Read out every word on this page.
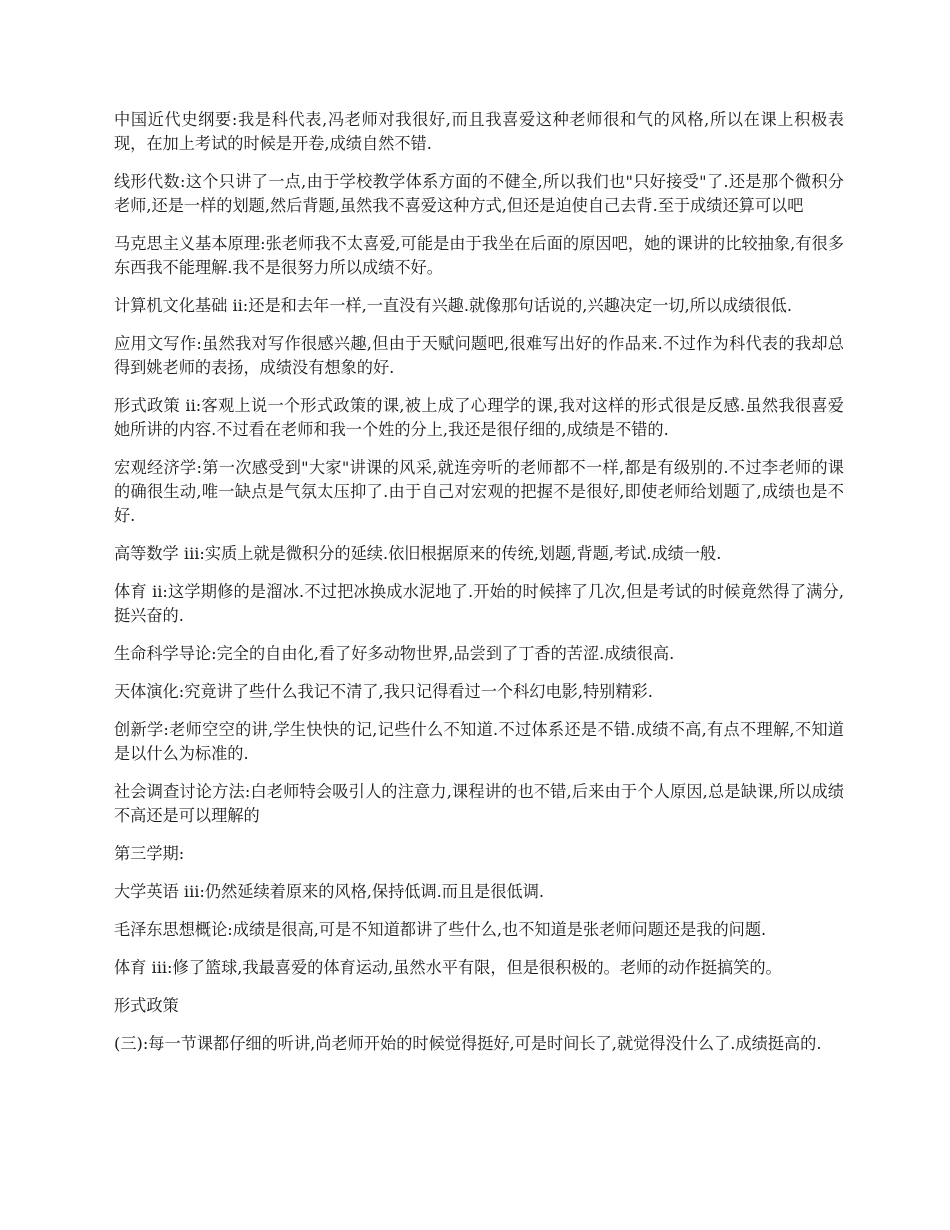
中国近代史纲要:我是科代表,冯老师对我很好,而且我喜爱这种老师很和气的风格,所以在课上积极表现，在加上考试的时候是开卷,成绩自然不错.

线形代数:这个只讲了一点,由于学校教学体系方面的不健全,所以我们也"只好接受"了.还是那个微积分老师,还是一样的划题,然后背题,虽然我不喜爱这种方式,但还是迫使自己去背.至于成绩还算可以吧

马克思主义基本原理:张老师我不太喜爱,可能是由于我坐在后面的原因吧，她的课讲的比较抽象,有很多东西我不能理解.我不是很努力所以成绩不好。

计算机文化基础 ii:还是和去年一样,一直没有兴趣.就像那句话说的,兴趣决定一切,所以成绩很低.

应用文写作:虽然我对写作很感兴趣,但由于天赋问题吧,很难写出好的作品来.不过作为科代表的我却总得到姚老师的表扬，成绩没有想象的好.

形式政策 ii:客观上说一个形式政策的课,被上成了心理学的课,我对这样的形式很是反感.虽然我很喜爱她所讲的内容.不过看在老师和我一个姓的分上,我还是很仔细的,成绩是不错的.

宏观经济学:第一次感受到"大家"讲课的风采,就连旁听的老师都不一样,都是有级别的.不过李老师的课的确很生动,唯一缺点是气氛太压抑了.由于自己对宏观的把握不是很好,即使老师给划题了,成绩也是不好.

高等数学 iii:实质上就是微积分的延续.依旧根据原来的传统,划题,背题,考试.成绩一般.

体育 ii:这学期修的是溜冰.不过把冰换成水泥地了.开始的时候摔了几次,但是考试的时候竟然得了满分,挺兴奋的.

生命科学导论:完全的自由化,看了好多动物世界,品尝到了丁香的苦涩.成绩很高.

天体演化:究竟讲了些什么我记不清了,我只记得看过一个科幻电影,特别精彩.

创新学:老师空空的讲,学生快快的记,记些什么不知道.不过体系还是不错.成绩不高,有点不理解,不知道是以什么为标准的.

社会调查讨论方法:白老师特会吸引人的注意力,课程讲的也不错,后来由于个人原因,总是缺课,所以成绩不高还是可以理解的

第三学期:

大学英语 iii:仍然延续着原来的风格,保持低调.而且是很低调.

毛泽东思想概论:成绩是很高,可是不知道都讲了些什么,也不知道是张老师问题还是我的问题.

体育 iii:修了篮球,我最喜爱的体育运动,虽然水平有限，但是很积极的。老师的动作挺搞笑的。

形式政策

(三):每一节课都仔细的听讲,尚老师开始的时候觉得挺好,可是时间长了,就觉得没什么了.成绩挺高的.
